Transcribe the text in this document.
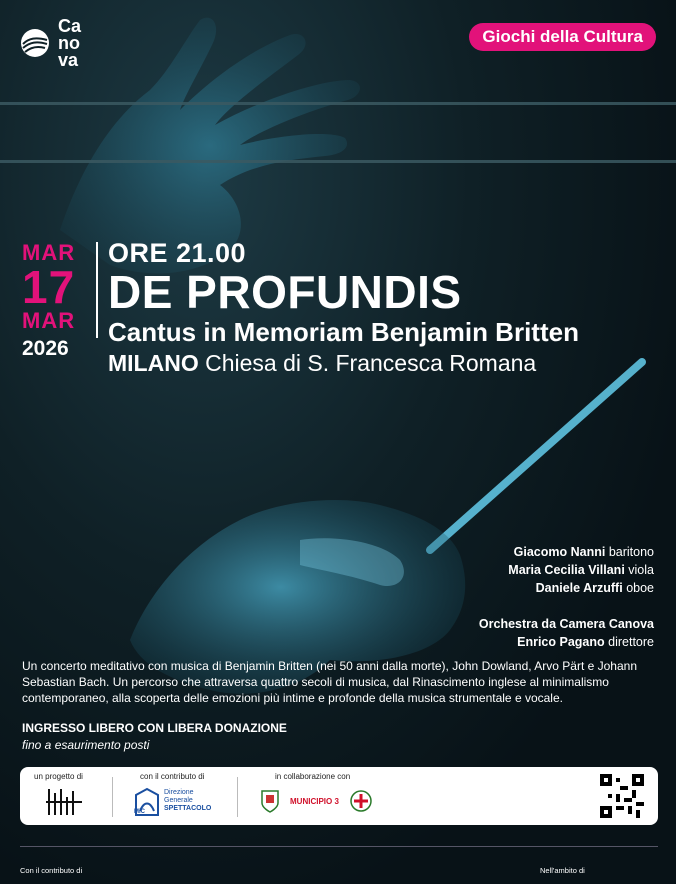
Ca
no
va
Giochi della Cultura
MAR
17
MAR
2026
ORE 21.00
DE PROFUNDIS
Cantus in Memoriam Benjamin Britten
MILANO Chiesa di S. Francesca Romana
Giacomo Nanni baritono
Maria Cecilia Villani viola
Daniele Arzuffi oboe
Orchestra da Camera Canova
Enrico Pagano direttore
Un concerto meditativo con musica di Benjamin Britten (nei 50 anni dalla morte), John Dowland, Arvo Pärt e Johann Sebastian Bach. Un percorso che attraversa quattro secoli di musica, dal Rinascimento inglese al minimalismo contemporaneo, alla scoperta delle emozioni più intime e profonde della musica strumentale e vocale.
INGRESSO LIBERO CON LIBERA DONAZIONE
fino a esaurimento posti
un progetto di	con il contributo di
MiC
Direzione
Generale
SPETTACOLO
in collaborazione con
MUNICIPIO 3
Con il contributo di	Nell'ambito di
